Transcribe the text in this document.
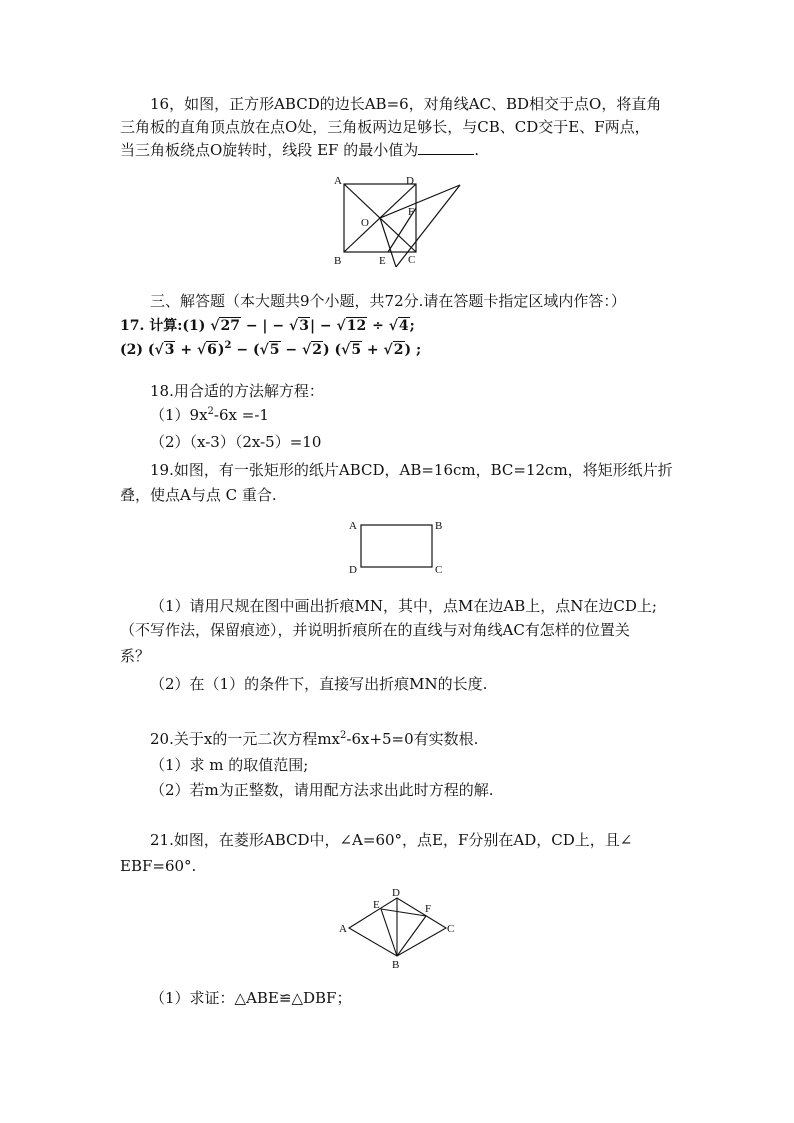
16，如图，正方形ABCD的边长AB=6，对角线AC、BD相交于点O，将直角
三角板的直角顶点放在点O处，三角板两边足够长，与CB、CD交于E、F两点，
当三角板绕点O旋转时，线段 EF 的最小值为	.
A	D
B	C
O
E
F
三、解答题（本大题共9个小题，共72分.请在答题卡指定区域内作答：）
17. 计算:(1) √27 − | − √3| − √12 ÷ √4;
(2) $(√3 + √6)^2 - (√5 - √2)$ (√5 + √2) ;
18.用合适的方法解方程：
$(1)9x^2-6x =-1$
（2）（x-3）（2x-5）=10
19.如图，有一张矩形的纸片ABCD，AB=16cm，BC=12cm，将矩形纸片折
叠，使点A与点 C 重合.
A	B
D	C
（1）请用尺规在图中画出折痕MN，其中，点M在边AB上，点N在边CD上;
（不写作法，保留痕迹），并说明折痕所在的直线与对角线AC有怎样的位置关
系？
（2）在（1）的条件下，直接写出折痕MN的长度.
20.关于x的一元二次方程$mx^2-6x+5=0$有实数根.
（1）求 m 的取值范围;
（2）若m为正整数，请用配方法求出此时方程的解.
21.如图，在菱形ABCD中，∠A=60°，点E，F分别在AD，CD上，且∠
EBF=60°.
A
D
C
B
E	F
（1）求证：△ABE≌△DBF；
